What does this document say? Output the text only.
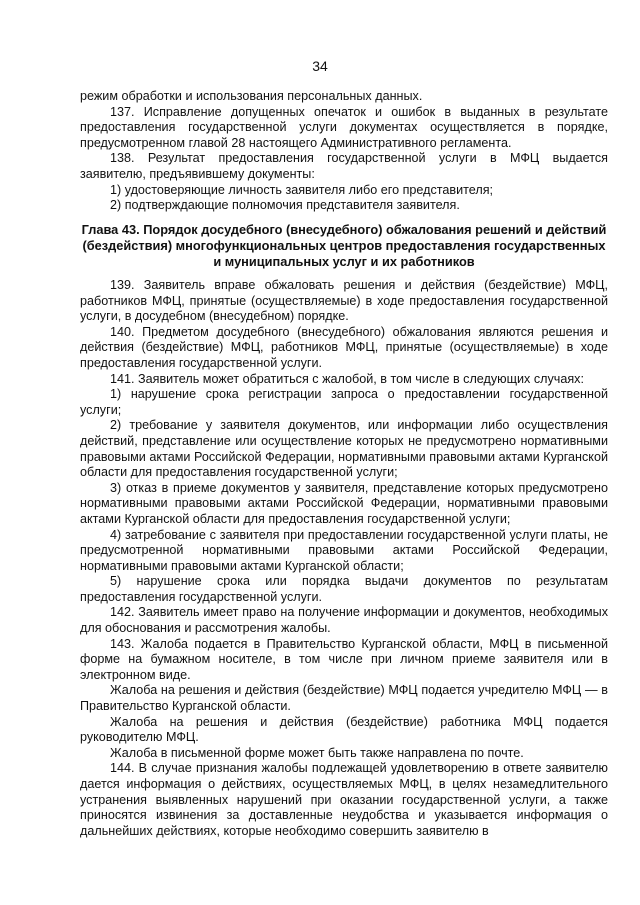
34

режим обработки и использования персональных данных.

137. Исправление допущенных опечаток и ошибок в выданных в результате предоставления государственной услуги документах осуществляется в порядке, предусмотренном главой 28 настоящего Административного регламента.

138. Результат предоставления государственной услуги в МФЦ выдается заявителю, предъявившему документы:

1) удостоверяющие личность заявителя либо его представителя;

2) подтверждающие полномочия представителя заявителя.

Глава 43. Порядок досудебного (внесудебного) обжалования решений и действий (бездействия) многофункциональных центров предоставления государственных и муниципальных услуг и их работников

139. Заявитель вправе обжаловать решения и действия (бездействие) МФЦ, работников МФЦ, принятые (осуществляемые) в ходе предоставления государственной услуги, в досудебном (внесудебном) порядке.

140. Предметом досудебного (внесудебного) обжалования являются решения и действия (бездействие) МФЦ, работников МФЦ, принятые (осуществляемые) в ходе предоставления государственной услуги.

141. Заявитель может обратиться с жалобой, в том числе в следующих случаях:

1) нарушение срока регистрации запроса о предоставлении государственной услуги;

2) требование у заявителя документов, или информации либо осуществления действий, представление или осуществление которых не предусмотрено нормативными правовыми актами Российской Федерации, нормативными правовыми актами Курганской области для предоставления государственной услуги;

3) отказ в приеме документов у заявителя, представление которых предусмотрено нормативными правовыми актами Российской Федерации, нормативными правовыми актами Курганской области для предоставления государственной услуги;

4) затребование с заявителя при предоставлении государственной услуги платы, не предусмотренной нормативными правовыми актами Российской Федерации, нормативными правовыми актами Курганской области;

5) нарушение срока или порядка выдачи документов по результатам предоставления государственной услуги.

142. Заявитель имеет право на получение информации и документов, необходимых для обоснования и рассмотрения жалобы.

143. Жалоба подается в Правительство Курганской области, МФЦ в письменной форме на бумажном носителе, в том числе при личном приеме заявителя или в электронном виде.

Жалоба на решения и действия (бездействие) МФЦ подается учредителю МФЦ — в Правительство Курганской области.

Жалоба на решения и действия (бездействие) работника МФЦ подается руководителю МФЦ.

Жалоба в письменной форме может быть также направлена по почте.

144. В случае признания жалобы подлежащей удовлетворению в ответе заявителю дается информация о действиях, осуществляемых МФЦ, в целях незамедлительного устранения выявленных нарушений при оказании государственной услуги, а также приносятся извинения за доставленные неудобства и указывается информация о дальнейших действиях, которые необходимо совершить заявителю в
